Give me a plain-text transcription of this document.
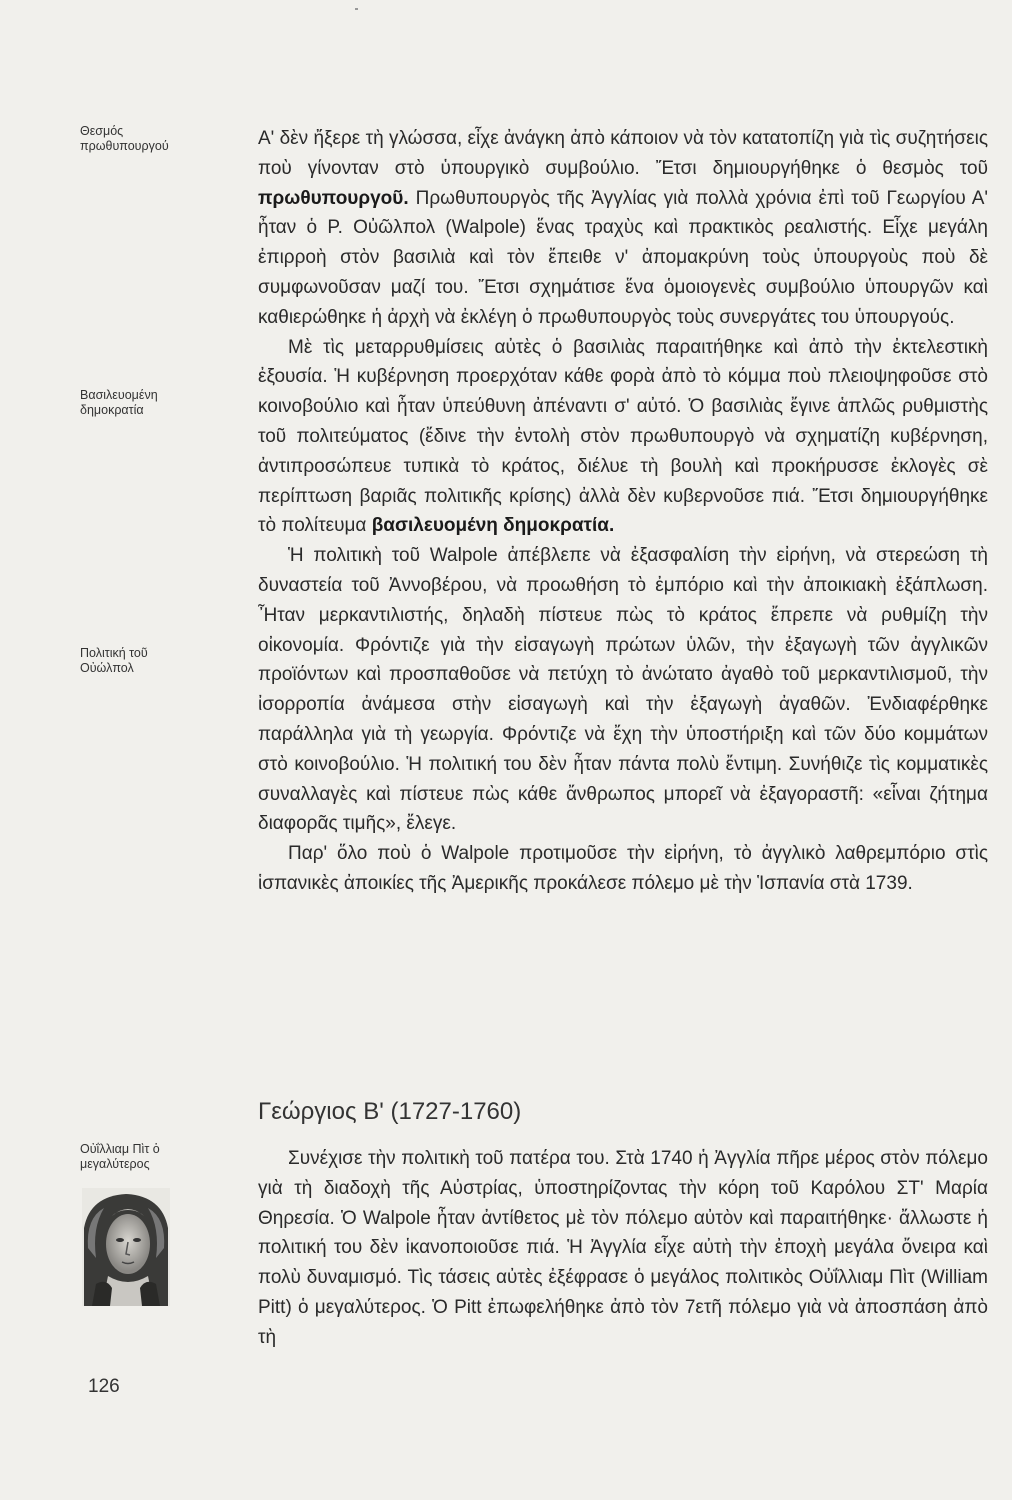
Θεσμός πρωθυπουργού
Βασιλευομένη δημοκρατία
Πολιτική τοῦ Οὐώλπολ
Οὐΐλλιαμ Πὶτ ὁ μεγαλύτερος
126

Α' δὲν ἤξερε τὴ γλώσσα, εἶχε ἀνάγκη ἀπὸ κάποιον νὰ τὸν κατατοπίζη γιὰ τὶς συζητήσεις ποὺ γίνονταν στὸ ὑπουργικὸ συμβούλιο. Ἔτσι δημιουργήθηκε ὁ θεσμὸς τοῦ πρωθυπουργοῦ. Πρωθυπουργὸς τῆς Ἀγγλίας γιὰ πολλὰ χρόνια ἐπὶ τοῦ Γεωργίου Α' ἦταν ὁ Ρ. Οὐῶλπολ (Walpole) ἕνας τραχὺς καὶ πρακτικὸς ρεαλιστής. Εἶχε μεγάλη ἐπιρροὴ στὸν βασιλιὰ καὶ τὸν ἔπειθε ν' ἀπομακρύνη τοὺς ὑπουργοὺς ποὺ δὲ συμφωνοῦσαν μαζί του. Ἔτσι σχημάτισε ἕνα ὁμοιογενὲς συμβούλιο ὑπουργῶν καὶ καθιερώθηκε ἡ ἀρχὴ νὰ ἐκλέγη ὁ πρωθυπουργὸς τοὺς συνεργάτες του ὑπουργούς.

Μὲ τὶς μεταρρυθμίσεις αὐτὲς ὁ βασιλιὰς παραιτήθηκε καὶ ἀπὸ τὴν ἐκτελεστικὴ ἐξουσία. Ἡ κυβέρνηση προερχόταν κάθε φορὰ ἀπὸ τὸ κόμμα ποὺ πλειοψηφοῦσε στὸ κοινοβούλιο καὶ ἦταν ὑπεύθυνη ἀπέναντι σ' αὐτό. Ὁ βασιλιὰς ἔγινε ἁπλῶς ρυθμιστὴς τοῦ πολιτεύματος (ἔδινε τὴν ἐντολὴ στὸν πρωθυπουργὸ νὰ σχηματίζη κυβέρνηση, ἀντιπροσώπευε τυπικὰ τὸ κράτος, διέλυε τὴ βουλὴ καὶ προκήρυσσε ἐκλογὲς σὲ περίπτωση βαριᾶς πολιτικῆς κρίσης) ἀλλὰ δὲν κυβερνοῦσε πιά. Ἔτσι δημιουργήθηκε τὸ πολίτευμα βασιλευομένη δημοκρατία.

Ἡ πολιτικὴ τοῦ Walpole ἀπέβλεπε νὰ ἐξασφαλίση τὴν εἰρήνη, νὰ στερεώση τὴ δυναστεία τοῦ Ἀννοβέρου, νὰ προωθήση τὸ ἐμπόριο καὶ τὴν ἀποικιακὴ ἐξάπλωση. Ἦταν μερκαντιλιστής, δηλαδὴ πίστευε πὼς τὸ κράτος ἔπρεπε νὰ ρυθμίζη τὴν οἰκονομία. Φρόντιζε γιὰ τὴν εἰσαγωγὴ πρώτων ὑλῶν, τὴν ἐξαγωγὴ τῶν ἀγγλικῶν προϊόντων καὶ προσπαθοῦσε νὰ πετύχη τὸ ἀνώτατο ἀγαθὸ τοῦ μερκαντιλισμοῦ, τὴν ἰσορροπία ἀνάμεσα στὴν εἰσαγωγὴ καὶ τὴν ἐξαγωγὴ ἀγαθῶν. Ἐνδιαφέρθηκε παράλληλα γιὰ τὴ γεωργία. Φρόντιζε νὰ ἔχη τὴν ὑποστήριξη καὶ τῶν δύο κομμάτων στὸ κοινοβούλιο. Ἡ πολιτική του δὲν ἦταν πάντα πολὺ ἔντιμη. Συνήθιζε τὶς κομματικὲς συναλλαγὲς καὶ πίστευε πὼς κάθε ἄνθρωπος μπορεῖ νὰ ἐξαγοραστῆ: «εἶναι ζήτημα διαφορᾶς τιμῆς», ἔλεγε.

Παρ' ὅλο ποὺ ὁ Walpole προτιμοῦσε τὴν εἰρήνη, τὸ ἀγγλικὸ λαθρεμπόριο στὶς ἱσπανικὲς ἀποικίες τῆς Ἀμερικῆς προκάλεσε πόλεμο μὲ τὴν Ἱσπανία στὰ 1739.

Γεώργιος Β' (1727-1760)

Συνέχισε τὴν πολιτικὴ τοῦ πατέρα του. Στὰ 1740 ἡ Ἀγγλία πῆρε μέρος στὸν πόλεμο γιὰ τὴ διαδοχὴ τῆς Αὐστρίας, ὑποστηρίζοντας τὴν κόρη τοῦ Καρόλου ΣΤ' Μαρία Θηρεσία. Ὁ Walpole ἦταν ἀντίθετος μὲ τὸν πόλεμο αὐτὸν καὶ παραιτήθηκε· ἄλλωστε ἡ πολιτική του δὲν ἱκανοποιοῦσε πιά. Ἡ Ἀγγλία εἶχε αὐτὴ τὴν ἐποχὴ μεγάλα ὄνειρα καὶ πολὺ δυναμισμό. Τὶς τάσεις αὐτὲς ἐξέφρασε ὁ μεγάλος πολιτικὸς Οὐΐλλιαμ Πὶτ (William Pitt) ὁ μεγαλύτερος. Ὁ Pitt ἐπωφελήθηκε ἀπὸ τὸν 7ετῆ πόλεμο γιὰ νὰ ἀποσπάση ἀπὸ τὴ
